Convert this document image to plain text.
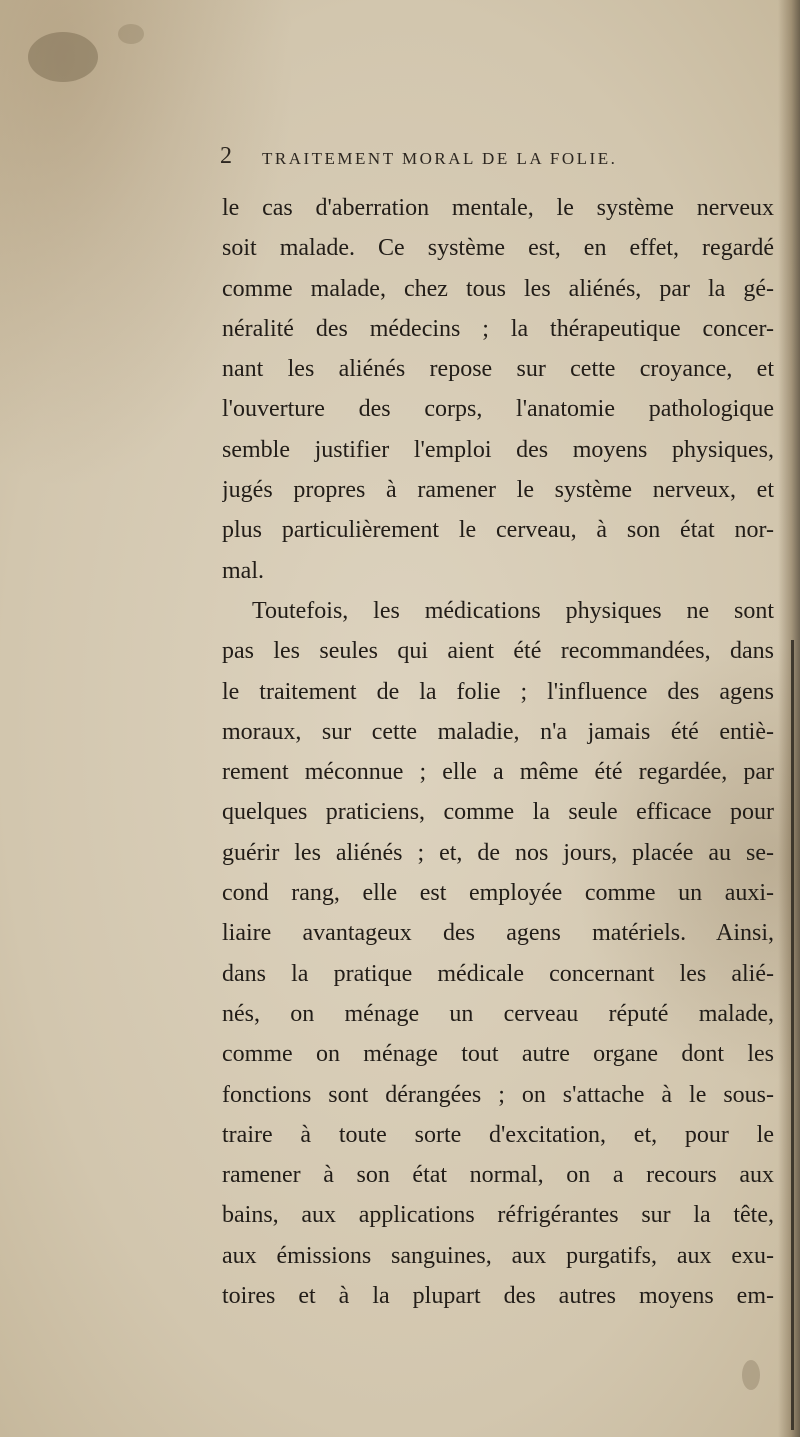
2 TRAITEMENT MORAL DE LA FOLIE.
le cas d'aberration mentale, le système nerveux
soit malade. Ce système est, en effet, regardé
comme malade, chez tous les aliénés, par la gé-
néralité des médecins ; la thérapeutique concer-
nant les aliénés repose sur cette croyance, et
l'ouverture des corps, l'anatomie pathologique
semble justifier l'emploi des moyens physiques,
jugés propres à ramener le système nerveux, et
plus particulièrement le cerveau, à son état nor-
mal.
Toutefois, les médications physiques ne sont
pas les seules qui aient été recommandées, dans
le traitement de la folie ; l'influence des agens
moraux, sur cette maladie, n'a jamais été entiè-
rement méconnue ; elle a même été regardée, par
quelques praticiens, comme la seule efficace pour
guérir les aliénés ; et, de nos jours, placée au se-
cond rang, elle est employée comme un auxi-
liaire avantageux des agens matériels. Ainsi,
dans la pratique médicale concernant les alié-
nés, on ménage un cerveau réputé malade,
comme on ménage tout autre organe dont les
fonctions sont dérangées ; on s'attache à le sous-
traire à toute sorte d'excitation, et, pour le
ramener à son état normal, on a recours aux
bains, aux applications réfrigérantes sur la tête,
aux émissions sanguines, aux purgatifs, aux exu-
toires et à la plupart des autres moyens em-
